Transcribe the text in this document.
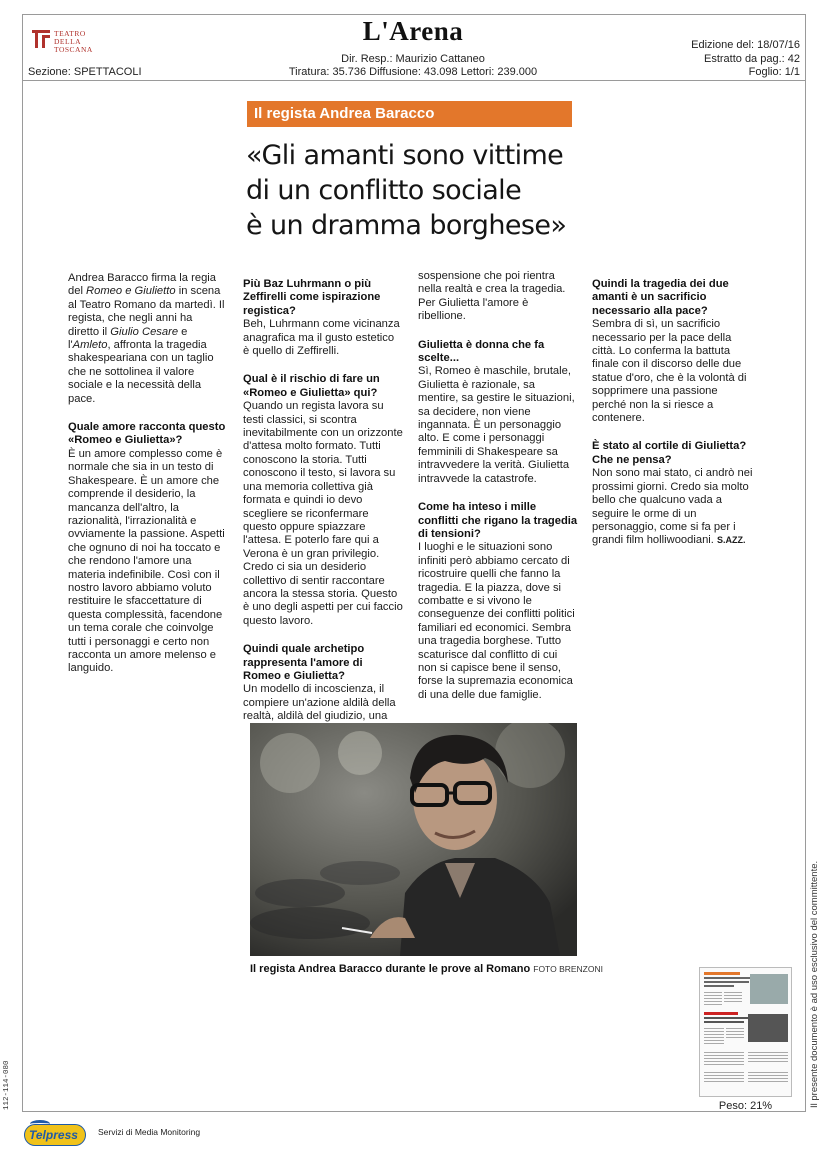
TEATRO
DELLA
TOSCANA
L'Arena
Dir. Resp.: Maurizio Cattaneo
Tiratura: 35.736 Diffusione: 43.098 Lettori: 239.000
Sezione: SPETTACOLI
Edizione del: 18/07/16
Estratto da pag.: 42
Foglio: 1/1
Il regista Andrea Baracco
«Gli amanti sono vittime
di un conflitto sociale
è un dramma borghese»

Andrea Baracco firma la regia del Romeo e Giulietto in scena al Teatro Romano da martedì. Il regista, che negli anni ha diretto il Giulio Cesare e l'Amleto, affronta la tragedia shakespeariana con un taglio che ne sottolinea il valore sociale e la necessità della pace.

Quale amore racconta questo «Romeo e Giulietta»?

È un amore complesso come è normale che sia in un testo di Shakespeare. È un amore che comprende il desiderio, la mancanza dell'altro, la razionalità, l'irrazionalità e ovviamente la passione. Aspetti che ognuno di noi ha toccato e che rendono l'amore una materia indefinibile. Così con il nostro lavoro abbiamo voluto restituire le sfaccettature di questa complessità, facendone un tema corale che coinvolge tutti i personaggi e certo non racconta un amore melenso e languido.

Più Baz Luhrmann o più Zeffirelli come ispirazione registica?

Beh, Luhrmann come vicinanza anagrafica ma il gusto estetico è quello di Zeffirelli.

Qual è il rischio di fare un «Romeo e Giulietta» qui?

Quando un regista lavora su testi classici, si scontra inevitabilmente con un orizzonte d'attesa molto formato. Tutti conoscono la storia. Tutti conoscono il testo, si lavora su una memoria collettiva già formata e quindi io devo scegliere se riconfermare questo oppure spiazzare l'attesa. E poterlo fare qui a Verona è un gran privilegio. Credo ci sia un desiderio collettivo di sentir raccontare ancora la stessa storia. Questo è uno degli aspetti per cui faccio questo lavoro.

Quindi quale archetipo rappresenta l'amore di Romeo e Giulietta?

Un modello di incoscienza, il compiere un'azione aldilà della realtà, aldilà del giudizio, una

sospensione che poi rientra nella realtà e crea la tragedia. Per Giulietta l'amore è ribellione.

Giulietta è donna che fa scelte...

Sì, Romeo è maschile, brutale, Giulietta è razionale, sa mentire, sa gestire le situazioni, sa decidere, non viene ingannata. È un personaggio alto. E come i personaggi femminili di Shakespeare sa intravvedere la verità. Giulietta intravvede la catastrofe.

Come ha inteso i mille conflitti che rigano la tragedia di tensioni?

I luoghi e le situazioni sono infiniti però abbiamo cercato di ricostruire quelli che fanno la tragedia. E la piazza, dove si combatte e si vivono le conseguenze dei conflitti politici familiari ed economici. Sembra una tragedia borghese. Tutto scaturisce dal conflitto di cui non si capisce bene il senso, forse la supremazia economica di una delle due famiglie.

Quindi la tragedia dei due amanti è un sacrificio necessario alla pace?

Sembra di sì, un sacrificio necessario per la pace della città. Lo conferma la battuta finale con il discorso delle due statue d'oro, che è la volontà di sopprimere una passione perché non la si riesce a contenere.

È stato al cortile di Giulietta? Che ne pensa?

Non sono mai stato, ci andrò nei prossimi giorni. Credo sia molto bello che qualcuno vada a seguire le orme di un personaggio, come si fa per i grandi film holliwoodiani. S.AZZ.

Il regista Andrea Baracco durante le prove al Romano FOTO BRENZONI
Peso: 21%	Il presente documento è ad uso esclusivo del committente.
112-114-080
Telpress Servizi di Media Monitoring
